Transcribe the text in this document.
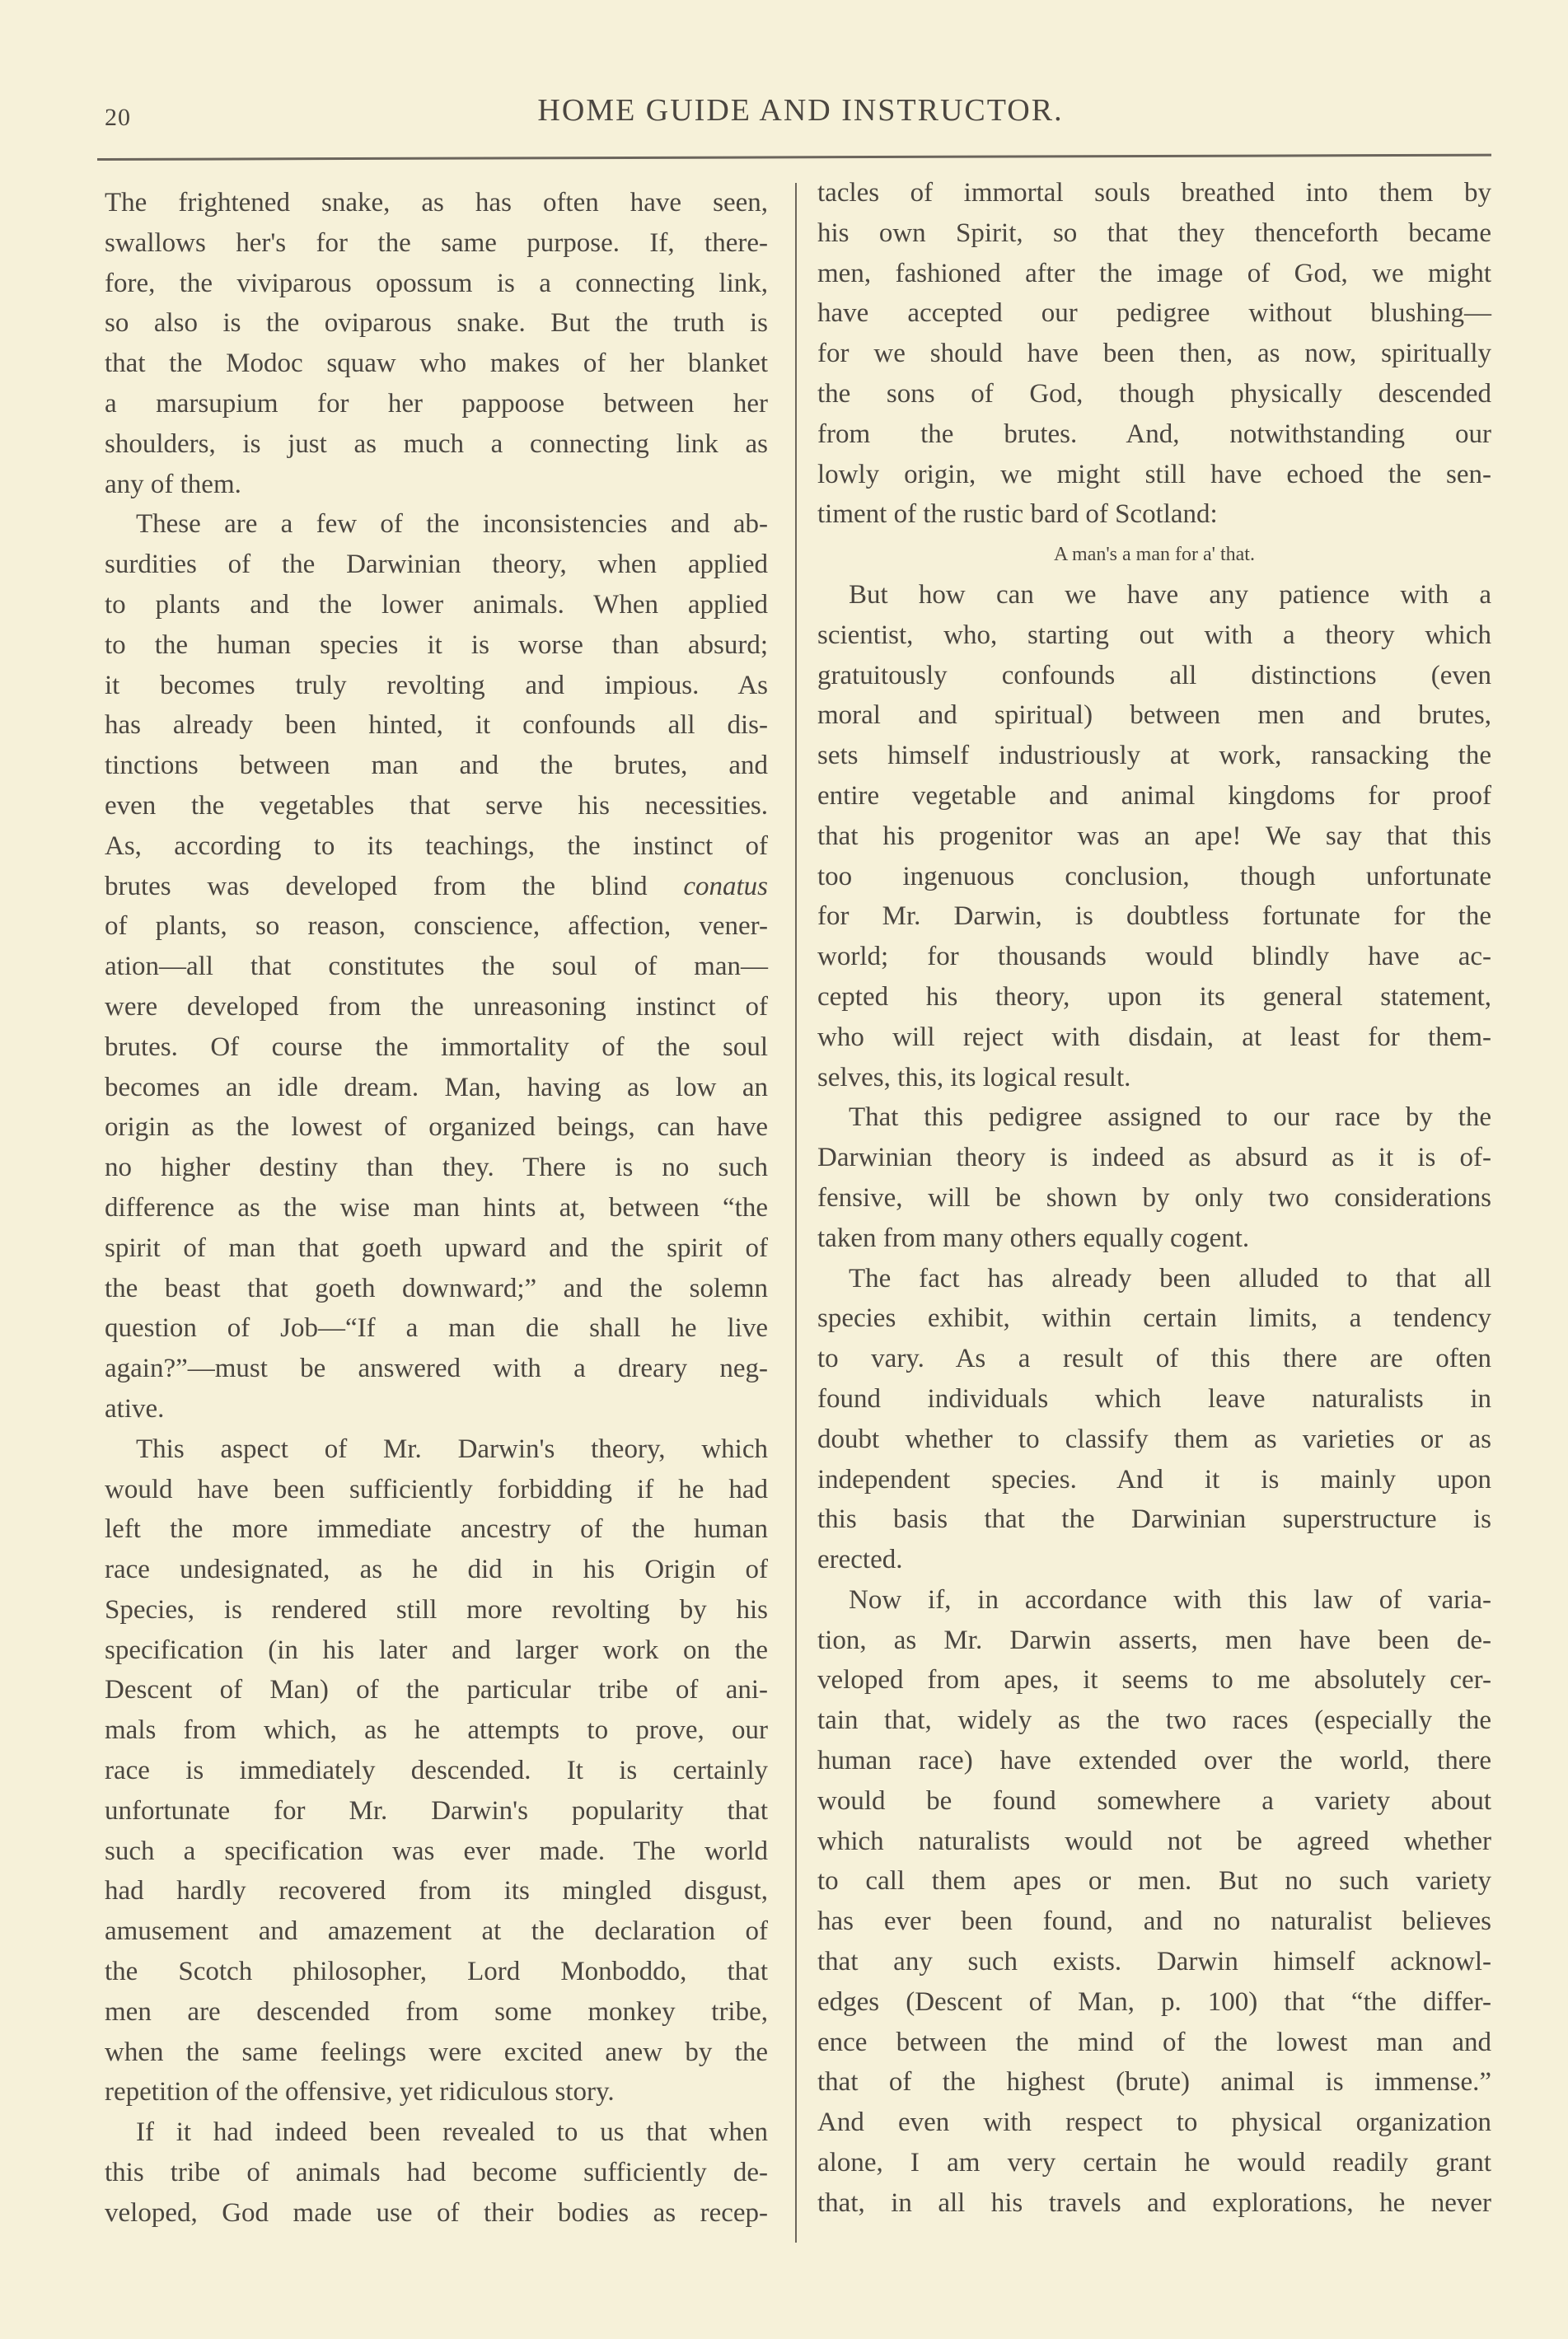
20	HOME GUIDE AND INSTRUCTOR.
The frightened snake, as has often have seen,
swallows her's for the same purpose. If, there-
fore, the viviparous opossum is a connecting link,
so also is the oviparous snake. But the truth is
that the Modoc squaw who makes of her blanket
a marsupium for her pappoose between her
shoulders, is just as much a connecting link as
any of them.
These are a few of the inconsistencies and ab-
surdities of the Darwinian theory, when applied
to plants and the lower animals. When applied
to the human species it is worse than absurd;
it becomes truly revolting and impious. As
has already been hinted, it confounds all dis-
tinctions between man and the brutes, and
even the vegetables that serve his necessities.
As, according to its teachings, the instinct of
brutes was developed from the blind conatus
of plants, so reason, conscience, affection, vener-
ation—all that constitutes the soul of man—
were developed from the unreasoning instinct of
brutes. Of course the immortality of the soul
becomes an idle dream. Man, having as low an
origin as the lowest of organized beings, can have
no higher destiny than they. There is no such
difference as the wise man hints at, between “the
spirit of man that goeth upward and the spirit of
the beast that goeth downward;” and the solemn
question of Job—“If a man die shall he live
again?”—must be answered with a dreary neg-
ative.
This aspect of Mr. Darwin's theory, which
would have been sufficiently forbidding if he had
left the more immediate ancestry of the human
race undesignated, as he did in his Origin of
Species, is rendered still more revolting by his
specification (in his later and larger work on the
Descent of Man) of the particular tribe of ani-
mals from which, as he attempts to prove, our
race is immediately descended. It is certainly
unfortunate for Mr. Darwin's popularity that
such a specification was ever made. The world
had hardly recovered from its mingled disgust,
amusement and amazement at the declaration of
the Scotch philosopher, Lord Monboddo, that
men are descended from some monkey tribe,
when the same feelings were excited anew by the
repetition of the offensive, yet ridiculous story.
If it had indeed been revealed to us that when
this tribe of animals had become sufficiently de-
veloped, God made use of their bodies as recep-
tacles of immortal souls breathed into them by
his own Spirit, so that they thenceforth became
men, fashioned after the image of God, we might
have accepted our pedigree without blushing—
for we should have been then, as now, spiritually
the sons of God, though physically descended
from the brutes. And, notwithstanding our
lowly origin, we might still have echoed the sen-
timent of the rustic bard of Scotland:
A man's a man for a' that.
But how can we have any patience with a
scientist, who, starting out with a theory which
gratuitously confounds all distinctions (even
moral and spiritual) between men and brutes,
sets himself industriously at work, ransacking the
entire vegetable and animal kingdoms for proof
that his progenitor was an ape! We say that this
too ingenuous conclusion, though unfortunate
for Mr. Darwin, is doubtless fortunate for the
world; for thousands would blindly have ac-
cepted his theory, upon its general statement,
who will reject with disdain, at least for them-
selves, this, its logical result.
That this pedigree assigned to our race by the
Darwinian theory is indeed as absurd as it is of-
fensive, will be shown by only two considerations
taken from many others equally cogent.
The fact has already been alluded to that all
species exhibit, within certain limits, a tendency
to vary. As a result of this there are often
found individuals which leave naturalists in
doubt whether to classify them as varieties or as
independent species. And it is mainly upon
this basis that the Darwinian superstructure is
erected.
Now if, in accordance with this law of varia-
tion, as Mr. Darwin asserts, men have been de-
veloped from apes, it seems to me absolutely cer-
tain that, widely as the two races (especially the
human race) have extended over the world, there
would be found somewhere a variety about
which naturalists would not be agreed whether
to call them apes or men. But no such variety
has ever been found, and no naturalist believes
that any such exists. Darwin himself acknowl-
edges (Descent of Man, p. 100) that “the differ-
ence between the mind of the lowest man and
that of the highest (brute) animal is immense.”
And even with respect to physical organization
alone, I am very certain he would readily grant
that, in all his travels and explorations, he never
